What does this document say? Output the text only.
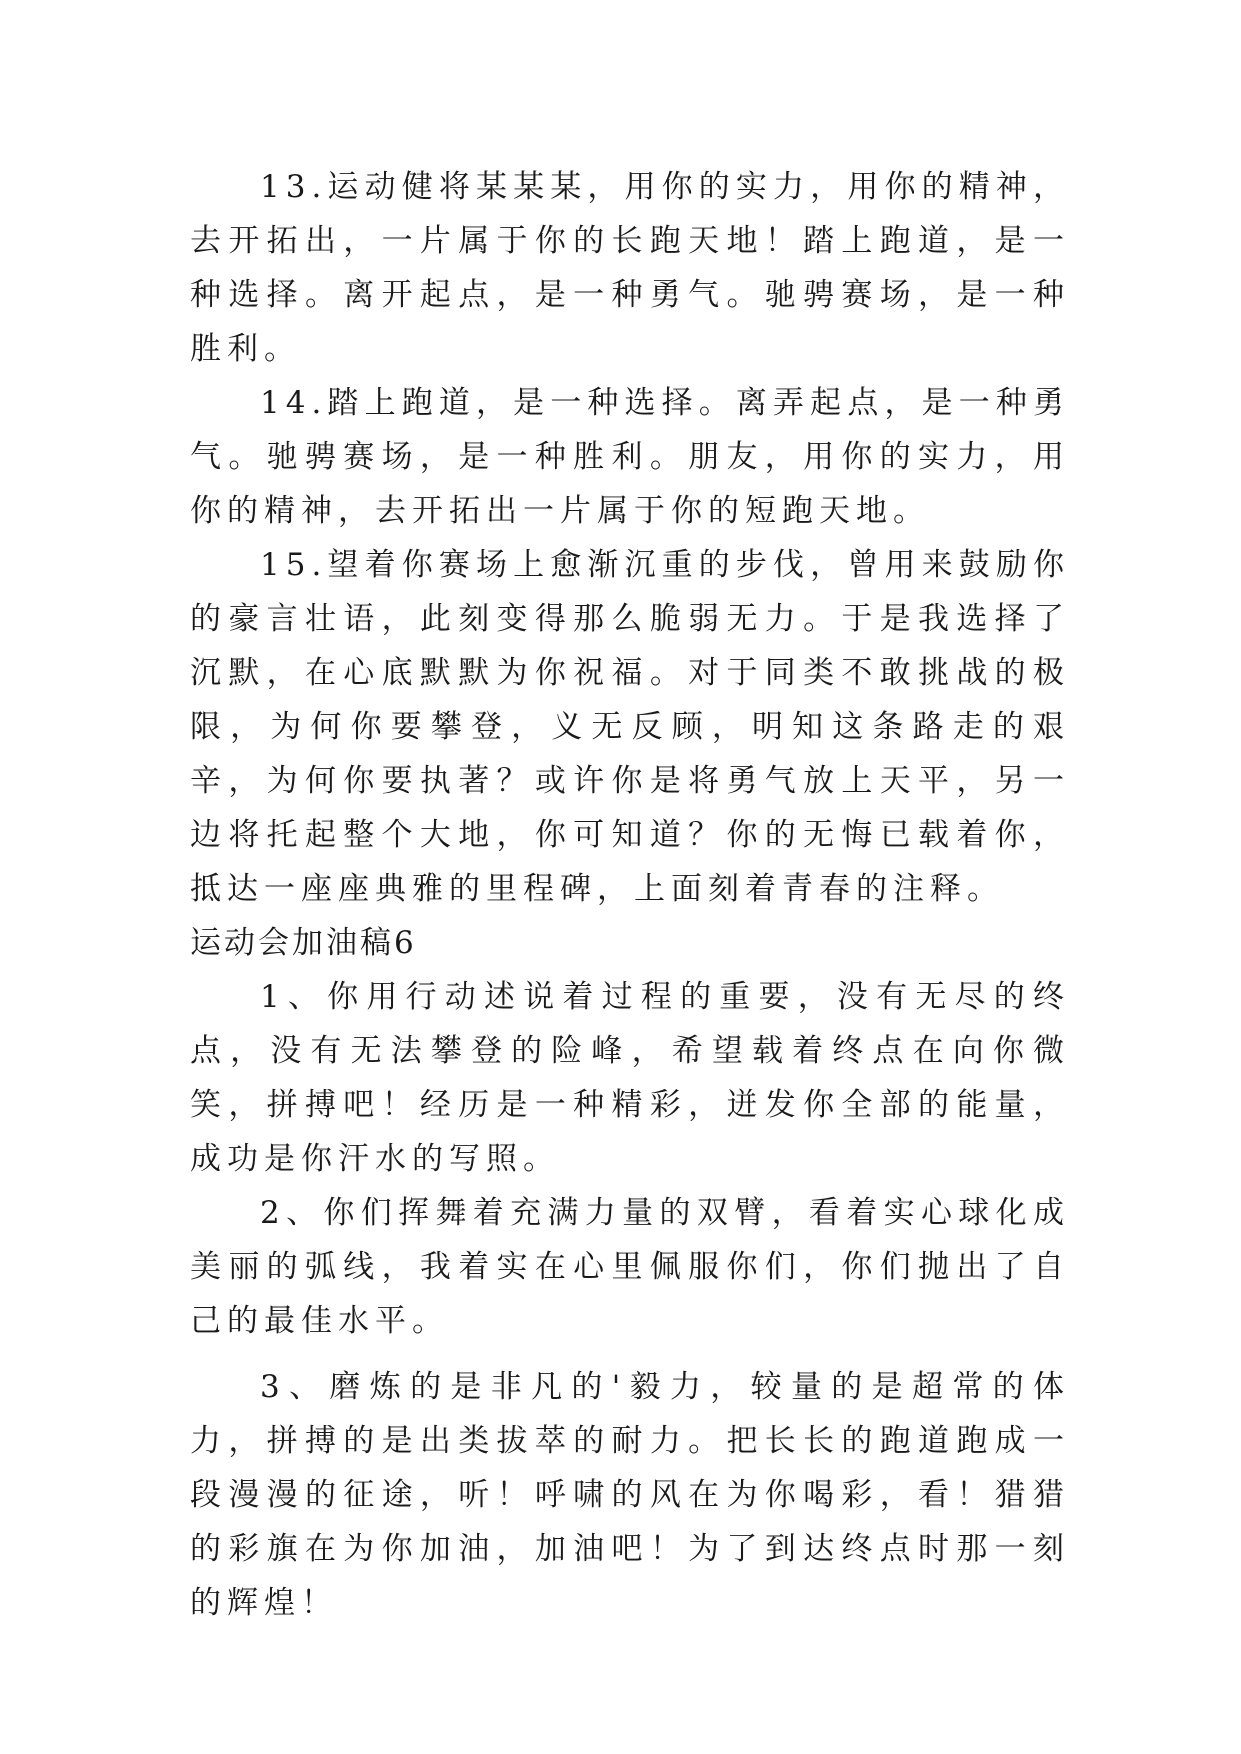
13.运动健将某某某，用你的实力，用你的精神，去开拓出，一片属于你的长跑天地！踏上跑道，是一种选择。离开起点，是一种勇气。驰骋赛场，是一种胜利。

14.踏上跑道，是一种选择。离弄起点，是一种勇气。驰骋赛场，是一种胜利。朋友，用你的实力，用你的精神，去开拓出一片属于你的短跑天地。

15.望着你赛场上愈渐沉重的步伐，曾用来鼓励你的豪言壮语，此刻变得那么脆弱无力。于是我选择了沉默，在心底默默为你祝福。对于同类不敢挑战的极限，为何你要攀登，义无反顾，明知这条路走的艰辛，为何你要执著？或许你是将勇气放上天平，另一边将托起整个大地，你可知道？你的无悔已载着你，抵达一座座典雅的里程碑，上面刻着青春的注释。

运动会加油稿6

1、你用行动述说着过程的重要，没有无尽的终点，没有无法攀登的险峰，希望载着终点在向你微笑，拼搏吧！经历是一种精彩，迸发你全部的能量，成功是你汗水的写照。

2、你们挥舞着充满力量的双臂，看着实心球化成美丽的弧线，我着实在心里佩服你们，你们抛出了自己的最佳水平。

3、磨炼的是非凡的'毅力，较量的是超常的体力，拼搏的是出类拔萃的耐力。把长长的跑道跑成一段漫漫的征途，听！呼啸的风在为你喝彩，看！猎猎的彩旗在为你加油，加油吧！为了到达终点时那一刻的辉煌！
